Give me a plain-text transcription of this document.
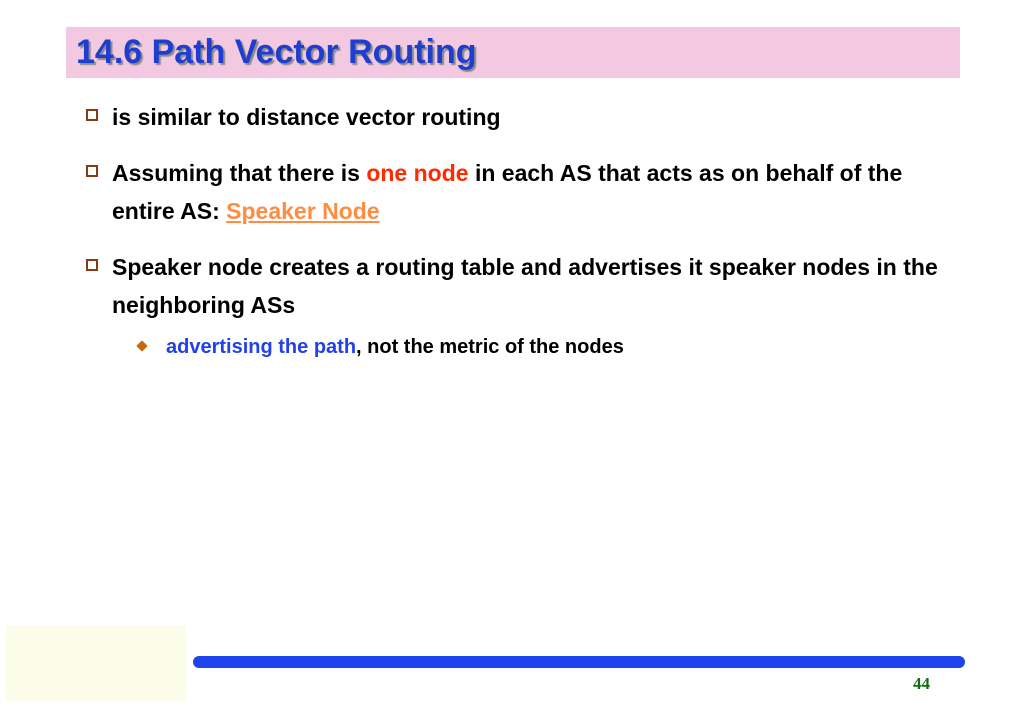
14.6 Path Vector Routing
is similar to distance vector routing
Assuming that there is one node in each AS that acts as on behalf of the entire AS: Speaker Node
Speaker node creates a routing table and advertises it speaker nodes in the neighboring ASs
advertising the path, not the metric of the nodes
44
